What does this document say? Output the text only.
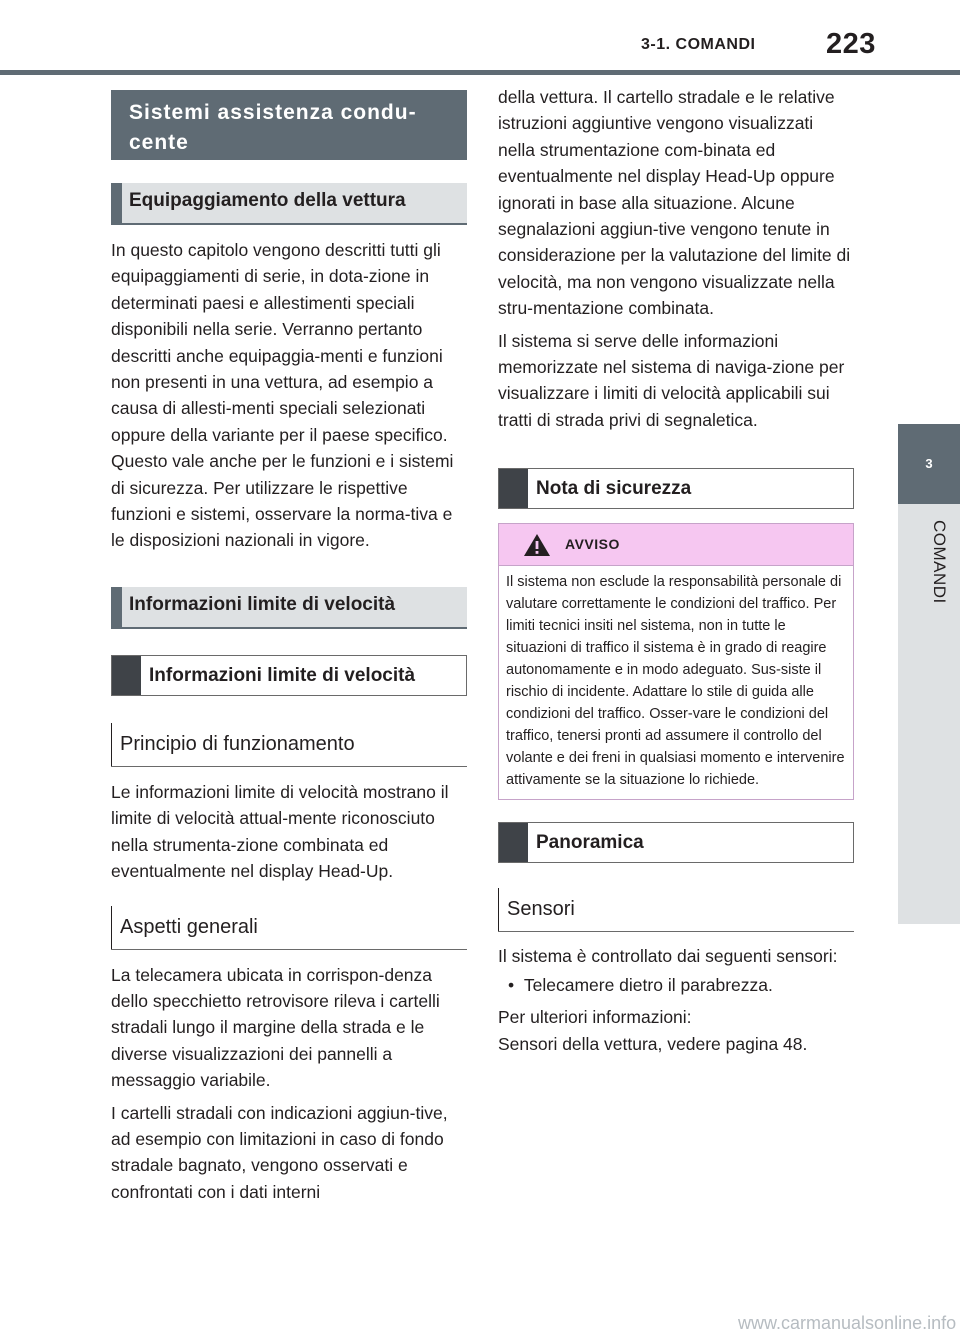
3-1. COMANDI 223
3
COMANDI
Sistemi assistenza condu-
cente
Equipaggiamento della vettura

In questo capitolo vengono descritti tutti gli equipaggiamenti di serie, in dota-zione in determinati paesi e allestimenti speciali disponibili nella serie. Verranno pertanto descritti anche equipaggia-menti e funzioni non presenti in una vettura, ad esempio a causa di allesti-menti speciali selezionati oppure della variante per il paese specifico. Questo vale anche per le funzioni e i sistemi di sicurezza. Per utilizzare le rispettive funzioni e sistemi, osservare la norma-tiva e le disposizioni nazionali in vigore.

Informazioni limite di velocità
Informazioni limite di velocità
Principio di funzionamento

Le informazioni limite di velocità mostrano il limite di velocità attual-mente riconosciuto nella strumenta-zione combinata ed eventualmente nel display Head-Up.

Aspetti generali

La telecamera ubicata in corrispon-denza dello specchietto retrovisore rileva i cartelli stradali lungo il margine della strada e le diverse visualizzazioni dei pannelli a messaggio variabile.

I cartelli stradali con indicazioni aggiun-tive, ad esempio con limitazioni in caso di fondo stradale bagnato, vengono osservati e confrontati con i dati interni

della vettura. Il cartello stradale e le relative istruzioni aggiuntive vengono visualizzati nella strumentazione com-binata ed eventualmente nel display Head-Up oppure ignorati in base alla situazione. Alcune segnalazioni aggiun-tive vengono tenute in considerazione per la valutazione del limite di velocità, ma non vengono visualizzate nella stru-mentazione combinata.

Il sistema si serve delle informazioni memorizzate nel sistema di naviga-zione per visualizzare i limiti di velocità applicabili sui tratti di strada privi di segnaletica.

Nota di sicurezza
AVVISO
Il sistema non esclude la responsabilità personale di valutare correttamente le condizioni del traffico. Per limiti tecnici insiti nel sistema, non in tutte le situazioni di traffico il sistema è in grado di reagire autonomamente e in modo adeguato. Sus-siste il rischio di incidente. Adattare lo stile di guida alle condizioni del traffico. Osser-vare le condizioni del traffico, tenersi pronti ad assumere il controllo del volante e dei freni in qualsiasi momento e intervenire attivamente se la situazione lo richiede.
Panoramica
Sensori

Il sistema è controllato dai seguenti sensori:

•  Telecamere dietro il parabrezza.

Per ulteriori informazioni:

Sensori della vettura, vedere pagina 48.

www.carmanualsonline.info
